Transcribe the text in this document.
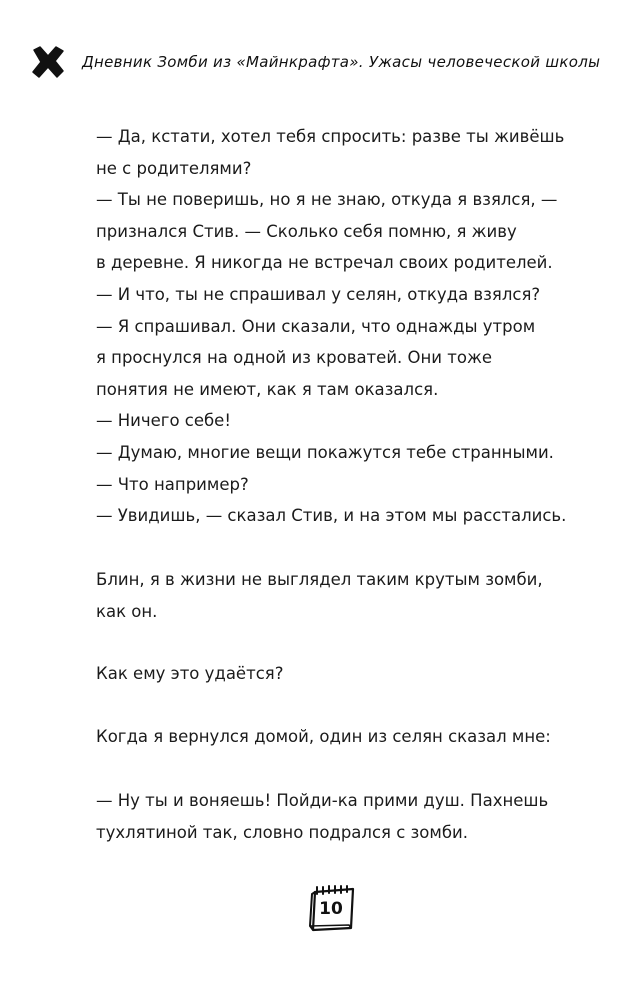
Дневник Зомби из «Майнкрафта». Ужасы человеческой школы
— Да, кстати, хотел тебя спросить: разве ты живёшь
не с родителями?
— Ты не поверишь, но я не знаю, откуда я взялся, —
признался Стив. — Сколько себя помню, я живу
в деревне. Я никогда не встречал своих родителей.
— И что, ты не спрашивал у селян, откуда взялся?
— Я спрашивал. Они сказали, что однажды утром
я проснулся на одной из кроватей. Они тоже
понятия не имеют, как я там оказался.
— Ничего себе!
— Думаю, многие вещи покажутся тебе странными.
— Что например?
— Увидишь, — сказал Стив, и на этом мы расстались.
Блин, я в жизни не выглядел таким крутым зомби,
как он.
Как ему это удаётся?
Когда я вернулся домой, один из селян сказал мне:
— Ну ты и воняешь! Пойди-ка прими душ. Пахнешь
тухлятиной так, словно подрался с зомби.
10
